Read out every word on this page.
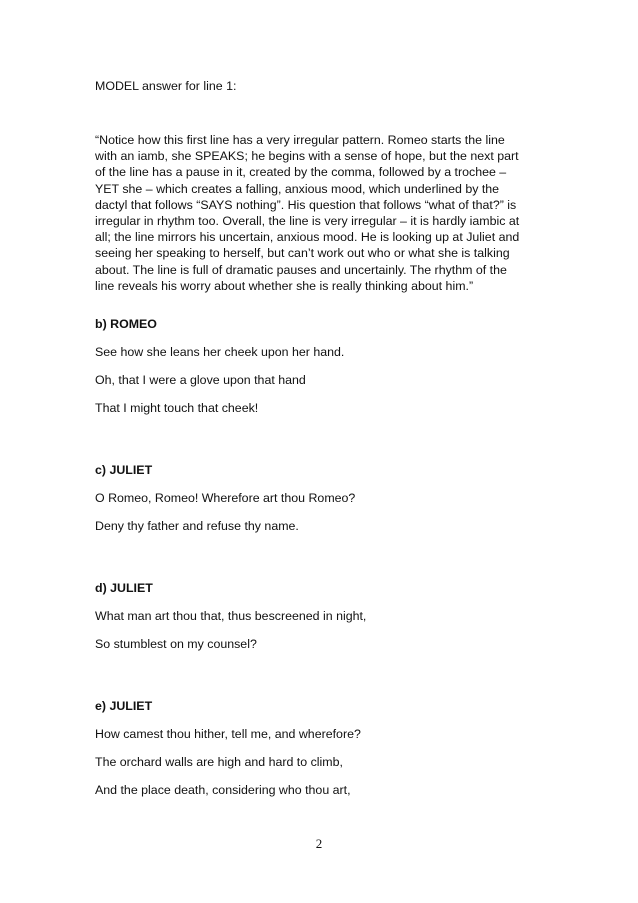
MODEL answer for line 1:

“Notice how this first line has a very irregular pattern. Romeo starts the line
with an iamb, she SPEAKS; he begins with a sense of hope, but the next part
of the line has a pause in it, created by the comma, followed by a trochee –
YET she – which creates a falling, anxious mood, which underlined by the
dactyl that follows “SAYS nothing”. His question that follows “what of that?” is
irregular in rhythm too. Overall, the line is very irregular – it is hardly iambic at
all; the line mirrors his uncertain, anxious mood. He is looking up at Juliet and
seeing her speaking to herself, but can’t work out who or what she is talking
about. The line is full of dramatic pauses and uncertainly. The rhythm of the
line reveals his worry about whether she is really thinking about him.”

b) ROMEO

See how she leans her cheek upon her hand.

Oh, that I were a glove upon that hand

That I might touch that cheek!

c) JULIET

O Romeo, Romeo! Wherefore art thou Romeo?

Deny thy father and refuse thy name.

d) JULIET

What man art thou that, thus bescreened in night,

So stumblest on my counsel?

e) JULIET

How camest thou hither, tell me, and wherefore?

The orchard walls are high and hard to climb,

And the place death, considering who thou art,

2
